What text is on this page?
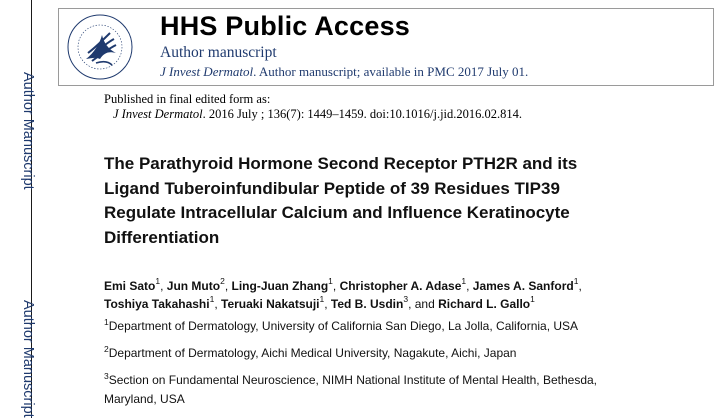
Author Manuscript
Author Manuscript
HHS Public Access
Author manuscript
J Invest Dermatol. Author manuscript; available in PMC 2017 July 01.
Published in final edited form as:
J Invest Dermatol. 2016 July ; 136(7): 1449–1459. doi:10.1016/j.jid.2016.02.814.
The Parathyroid Hormone Second Receptor PTH2R and its
Ligand Tuberoinfundibular Peptide of 39 Residues TIP39
Regulate Intracellular Calcium and Influence Keratinocyte
Differentiation
Emi Sato$^1$, Jun Muto$^2$, Ling-Juan Zhang$^1$, Christopher A. Adase$^1$, James A. Sanford$^1$,
Toshiya Takahashi$^1$, Teruaki Nakatsuji$^1$, Ted B. Usdin$^3$, and Richard L. Gallo$^1$
$^1$Department of Dermatology, University of California San Diego, La Jolla, California, USA
$^2$Department of Dermatology, Aichi Medical University, Nagakute, Aichi, Japan
$^3$Section on Fundamental Neuroscience, NIMH National Institute of Mental Health, Bethesda,
Maryland, USA
